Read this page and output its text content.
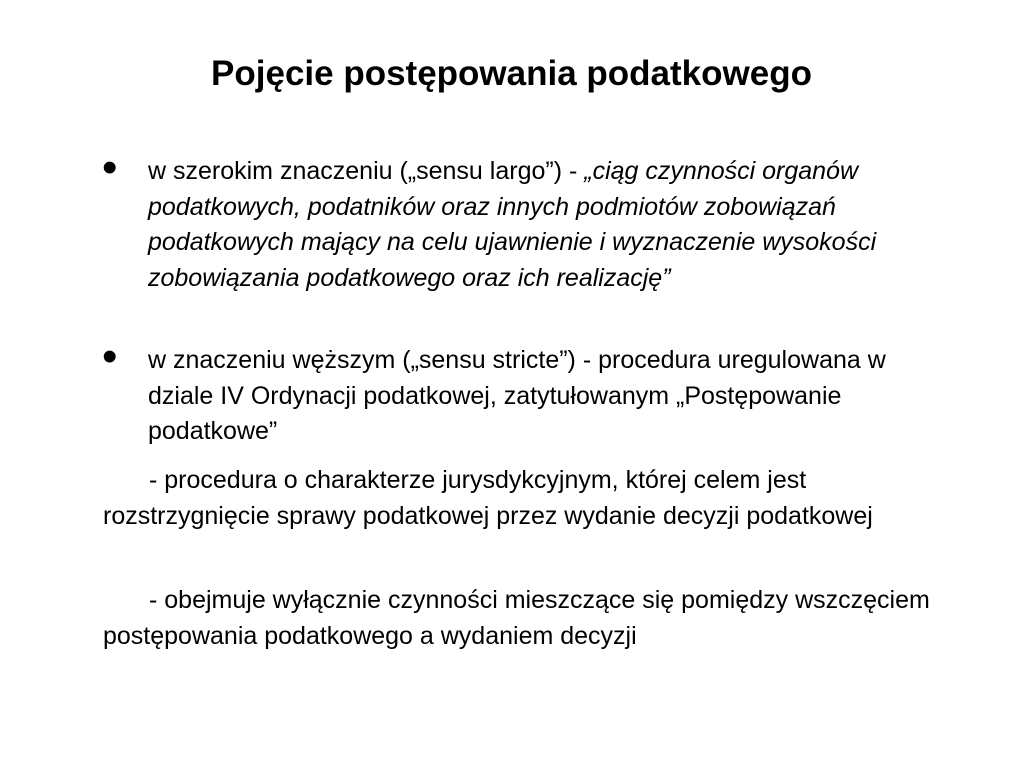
Pojęcie postępowania podatkowego
• w szerokim znaczeniu („sensu largo”) - „ciąg czynności organów podatkowych, podatników oraz innych podmiotów zobowiązań podatkowych mający na celu ujawnienie i wyznaczenie wysokości zobowiązania podatkowego oraz ich realizację”
• w znaczeniu węższym („sensu stricte”) - procedura uregulowana w dziale IV Ordynacji podatkowej, zatytułowanym „Postępowanie podatkowe”
- procedura o charakterze jurysdykcyjnym, której celem jest rozstrzygnięcie sprawy podatkowej przez wydanie decyzji podatkowej
- obejmuje wyłącznie czynności mieszczące się pomiędzy wszczęciem postępowania podatkowego a wydaniem decyzji
